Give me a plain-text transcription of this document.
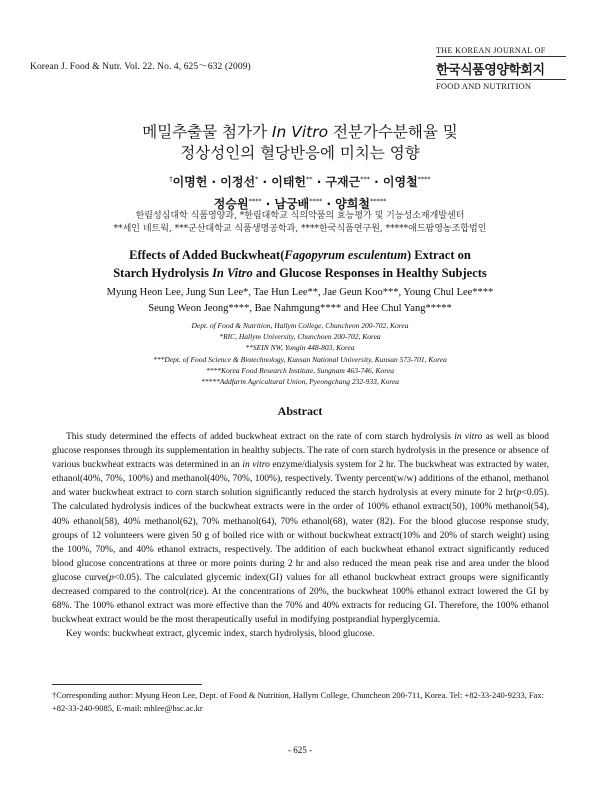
Korean J. Food & Nutr. Vol. 22. No. 4, 625～632 (2009)
THE KOREAN JOURNAL OF
한국식품영양학회지
FOOD AND NUTRITION
메밀추출물 첨가가 In Vitro 전분가수분해율 및
정상성인의 혈당반응에 미치는 영향
†이명헌 · 이정선* · 이태헌** · 구재근*** · 이영철****
정승원**** · 남궁배**** · 양희철*****
한림성심대학 식품영양과, *한림대학교 식의약품의 효능평가 및 기능성소재개발센터
**세인 네트웍, ***군산대학교 식품생명공학과, ****한국식품연구원, *****애드팜영농조합법인
Effects of Added Buckwheat(Fagopyrum esculentum) Extract on
Starch Hydrolysis In Vitro and Glucose Responses in Healthy Subjects
Myung Heon Lee, Jung Sun Lee*, Tae Hun Lee**, Jae Geun Koo***, Young Chul Lee****
Seung Weon Jeong****, Bae Nahmgung**** and Hee Chul Yang*****
Dept. of Food & Nutrition, Hallym College, Chuncheon 200-702, Korea
*RIC, Hallym University, Chunchoen 200-702, Korea
**SEIN NW, Yongin 448-803, Korea
***Dept. of Food Science & Biotechnology, Kunsan National University, Kunsan 573-701, Korea
****Korea Food Research Institute, Sungnam 463-746, Korea
*****Addfarm Agricultural Union, Pyeongchang 232-933, Korea
Abstract

This study determined the effects of added buckwheat extract on the rate of corn starch hydrolysis in vitro as well as blood glucose responses through its supplementation in healthy subjects. The rate of corn starch hydrolysis in the presence or absence of various buckwheat extracts was determined in an in vitro enzyme/dialysis system for 2 hr. The buckwheat was extracted by water, ethanol(40%, 70%, 100%) and methanol(40%, 70%, 100%), respectively. Twenty percent(w/w) additions of the ethanol, methanol and water buckwheat extract to corn starch solution significantly reduced the starch hydrolysis at every minute for 2 hr(p<0.05). The calculated hydrolysis indices of the buckwheat extracts were in the order of 100% ethanol extract(50), 100% methanol(54), 40% ethanol(58), 40% methanol(62), 70% methanol(64), 70% ethanol(68), water (82). For the blood glucose response study, groups of 12 volunteers were given 50 g of boiled rice with or without buckwheat extract(10% and 20% of starch weight) using the 100%, 70%, and 40% ethanol extracts, respectively. The addition of each buckwheat ethanol extract significantly reduced blood glucose concentrations at three or more points during 2 hr and also reduced the mean peak rise and area under the blood glucose curve(p<0.05). The calculated glycemic index(GI) values for all ethanol buckwheat extract groups were significantly decreased compared to the control(rice). At the concentrations of 20%, the buckwheat 100% ethanol extract lowered the GI by 68%. The 100% ethanol extract was more effective than the 70% and 40% extracts for reducing GI. Therefore, the 100% ethanol buckwheat extract would be the most therapeutically useful in modifying postprandial hyperglycemia.

Key words: buckwheat extract, glycemic index, starch hydrolysis, blood glucose.

†Corresponding author: Myung Heon Lee, Dept. of Food & Nutrition, Hallym College, Chuncheon 200-711, Korea. Tel: +82-33-240-9233, Fax: +82-33-240-9085, E-mail: mhlee@hsc.ac.kr
- 625 -
